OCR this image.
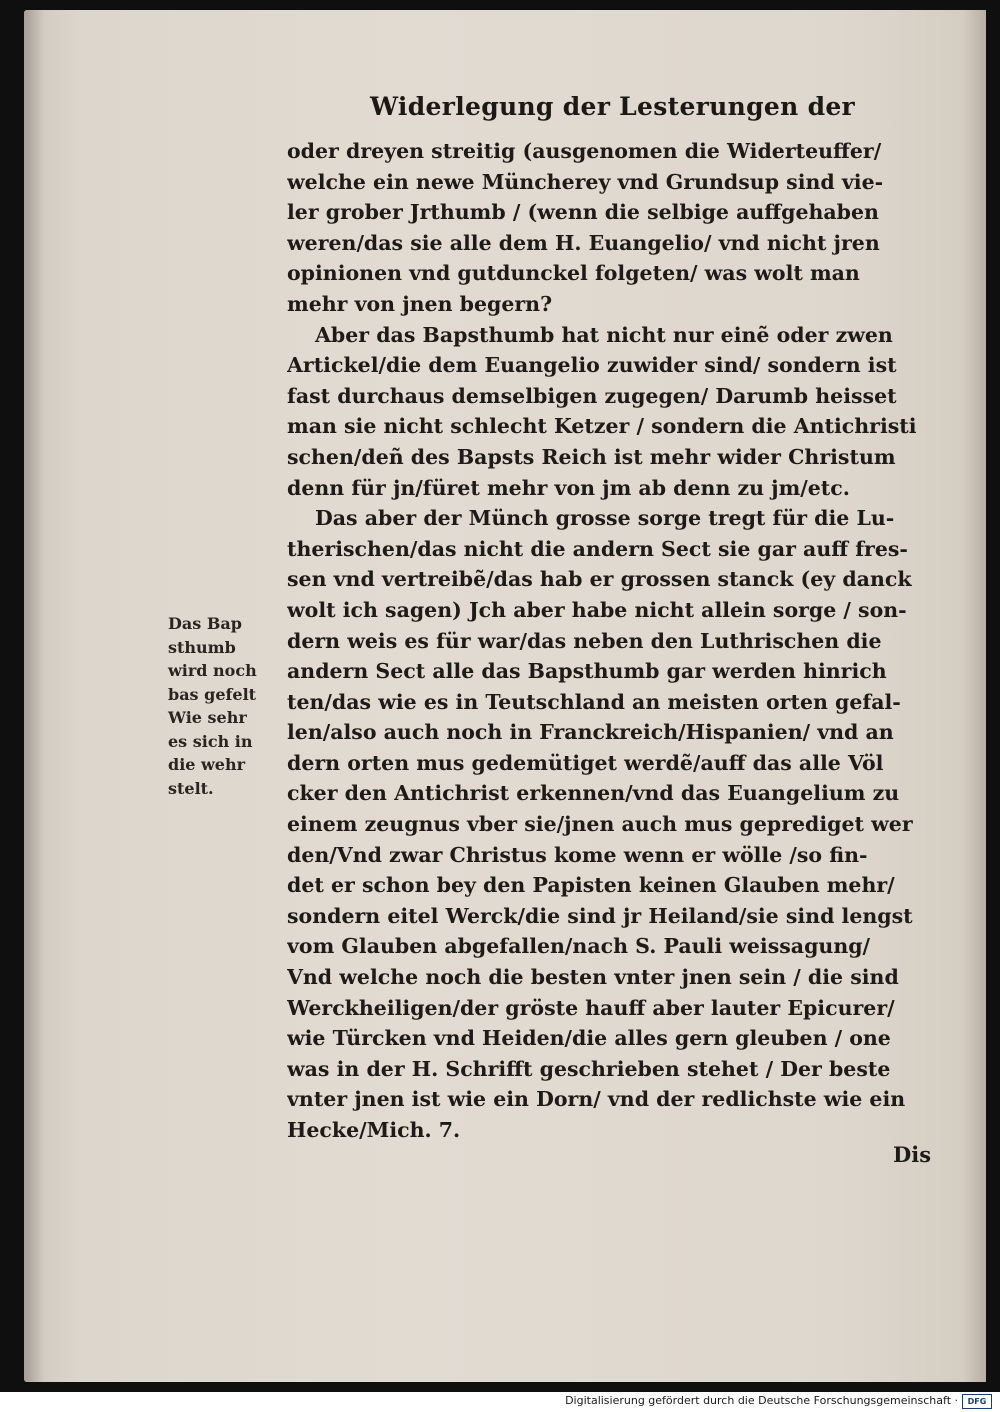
Widerlegung der Lesterungen der
oder dreyen streitig (ausgenomen die Widerteuffer/
welche ein newe Müncherey vnd Grundsup sind vie-
ler grober Jrthumb / (wenn die selbige auffgehaben
weren/das sie alle dem H. Euangelio/ vnd nicht jren
opinionen vnd gutdunckel folgeten/ was wolt man
mehr von jnen begern?
Aber das Bapsthumb hat nicht nur einẽ oder zwen
Artickel/die dem Euangelio zuwider sind/ sondern ist
fast durchaus demselbigen zugegen/ Darumb heisset
man sie nicht schlecht Ketzer / sondern die Antichristi
schen/deñ des Bapsts Reich ist mehr wider Christum
denn für jn/füret mehr von jm ab denn zu jm/etc.
Das aber der Münch grosse sorge tregt für die Lu-
therischen/das nicht die andern Sect sie gar auff fres-
sen vnd vertreibẽ/das hab er grossen stanck (ey danck
wolt ich sagen) Jch aber habe nicht allein sorge / son-
dern weis es für war/das neben den Luthrischen die
andern Sect alle das Bapsthumb gar werden hinrich
ten/das wie es in Teutschland an meisten orten gefal-
len/also auch noch in Franckreich/Hispanien/ vnd an
dern orten mus gedemütiget werdẽ/auff das alle Völ
cker den Antichrist erkennen/vnd das Euangelium zu
einem zeugnus vber sie/jnen auch mus geprediget wer
den/Vnd zwar Christus kome wenn er wölle /so fin-
det er schon bey den Papisten keinen Glauben mehr/
sondern eitel Werck/die sind jr Heiland/sie sind lengst
vom Glauben abgefallen/nach S. Pauli weissagung/
Vnd welche noch die besten vnter jnen sein / die sind
Werckheiligen/der gröste hauff aber lauter Epicurer/
wie Türcken vnd Heiden/die alles gern gleuben / one
was in der H. Schrifft geschrieben stehet / Der beste
vnter jnen ist wie ein Dorn/ vnd der redlichste wie ein
Hecke/Mich. 7.
Das Bap
sthumb
wird noch
bas gefelt
Wie sehr
es sich in
die wehr
stelt.
Dis
Digitalisierung gefördert durch die Deutsche Forschungsgemeinschaft ·	DFG
